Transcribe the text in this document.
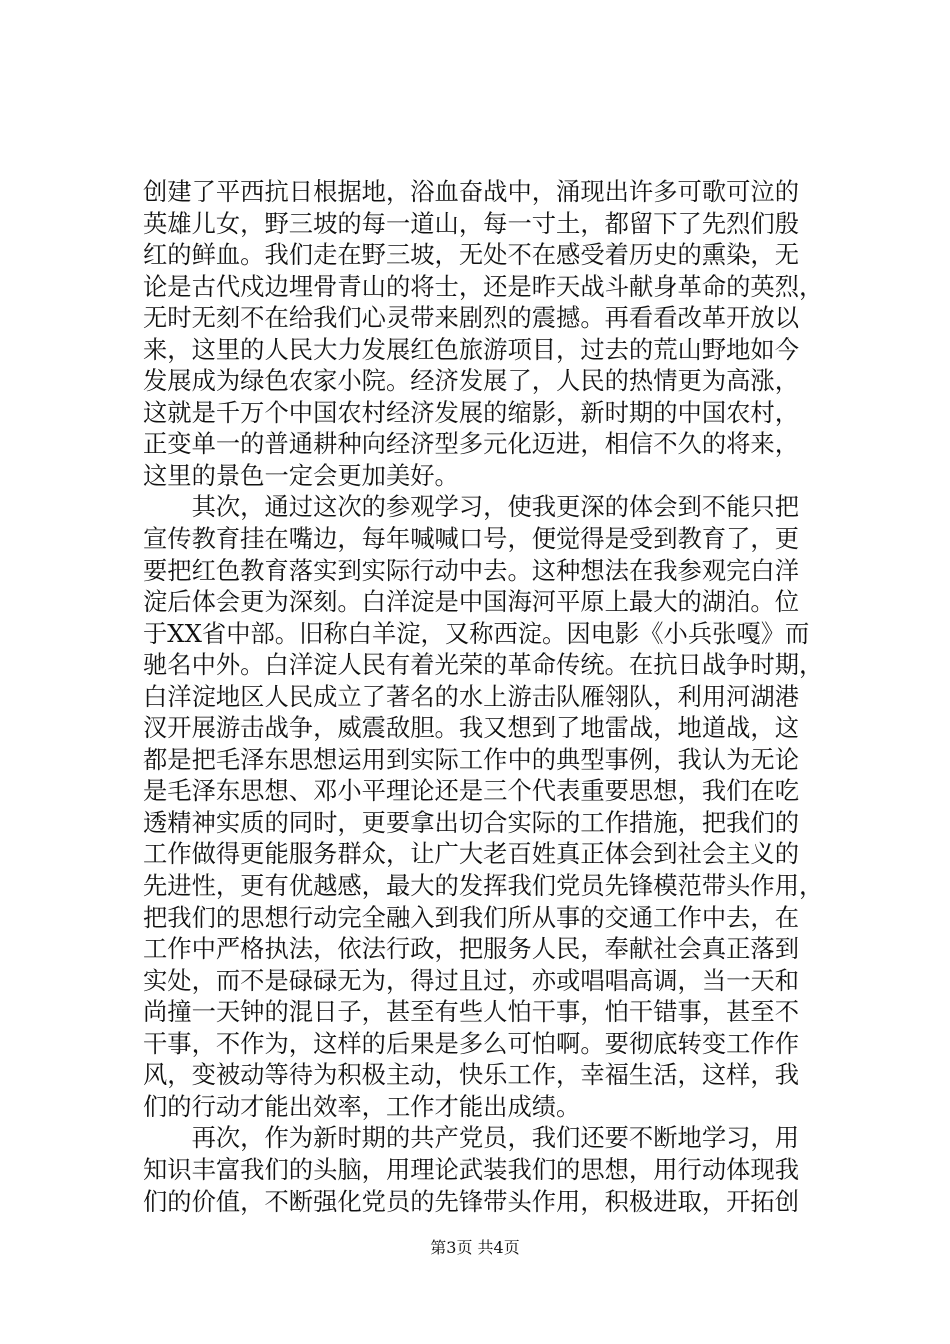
创建了平西抗日根据地，浴血奋战中，涌现出许多可歌可泣的
英雄儿女，野三坡的每一道山，每一寸土，都留下了先烈们殷
红的鲜血。我们走在野三坡，无处不在感受着历史的熏染，无
论是古代戍边埋骨青山的将士，还是昨天战斗献身革命的英烈，
无时无刻不在给我们心灵带来剧烈的震撼。再看看改革开放以
来，这里的人民大力发展红色旅游项目，过去的荒山野地如今
发展成为绿色农家小院。经济发展了，人民的热情更为高涨，
这就是千万个中国农村经济发展的缩影，新时期的中国农村，
正变单一的普通耕种向经济型多元化迈进，相信不久的将来，
这里的景色一定会更加美好。
　　其次，通过这次的参观学习，使我更深的体会到不能只把
宣传教育挂在嘴边，每年喊喊口号，便觉得是受到教育了，更
要把红色教育落实到实际行动中去。这种想法在我参观完白洋
淀后体会更为深刻。白洋淀是中国海河平原上最大的湖泊。位
于XX省中部。旧称白羊淀，又称西淀。因电影《小兵张嘎》而
驰名中外。白洋淀人民有着光荣的革命传统。在抗日战争时期，
白洋淀地区人民成立了著名的水上游击队雁翎队，利用河湖港
汊开展游击战争，威震敌胆。我又想到了地雷战，地道战，这
都是把毛泽东思想运用到实际工作中的典型事例，我认为无论
是毛泽东思想、邓小平理论还是三个代表重要思想，我们在吃
透精神实质的同时，更要拿出切合实际的工作措施，把我们的
工作做得更能服务群众，让广大老百姓真正体会到社会主义的
先进性，更有优越感，最大的发挥我们党员先锋模范带头作用，
把我们的思想行动完全融入到我们所从事的交通工作中去，在
工作中严格执法，依法行政，把服务人民，奉献社会真正落到
实处，而不是碌碌无为，得过且过，亦或唱唱高调，当一天和
尚撞一天钟的混日子，甚至有些人怕干事，怕干错事，甚至不
干事，不作为，这样的后果是多么可怕啊。要彻底转变工作作
风，变被动等待为积极主动，快乐工作，幸福生活，这样，我
们的行动才能出效率，工作才能出成绩。
　　再次，作为新时期的共产党员，我们还要不断地学习，用
知识丰富我们的头脑，用理论武装我们的思想，用行动体现我
们的价值，不断强化党员的先锋带头作用，积极进取，开拓创
第3页 共4页
